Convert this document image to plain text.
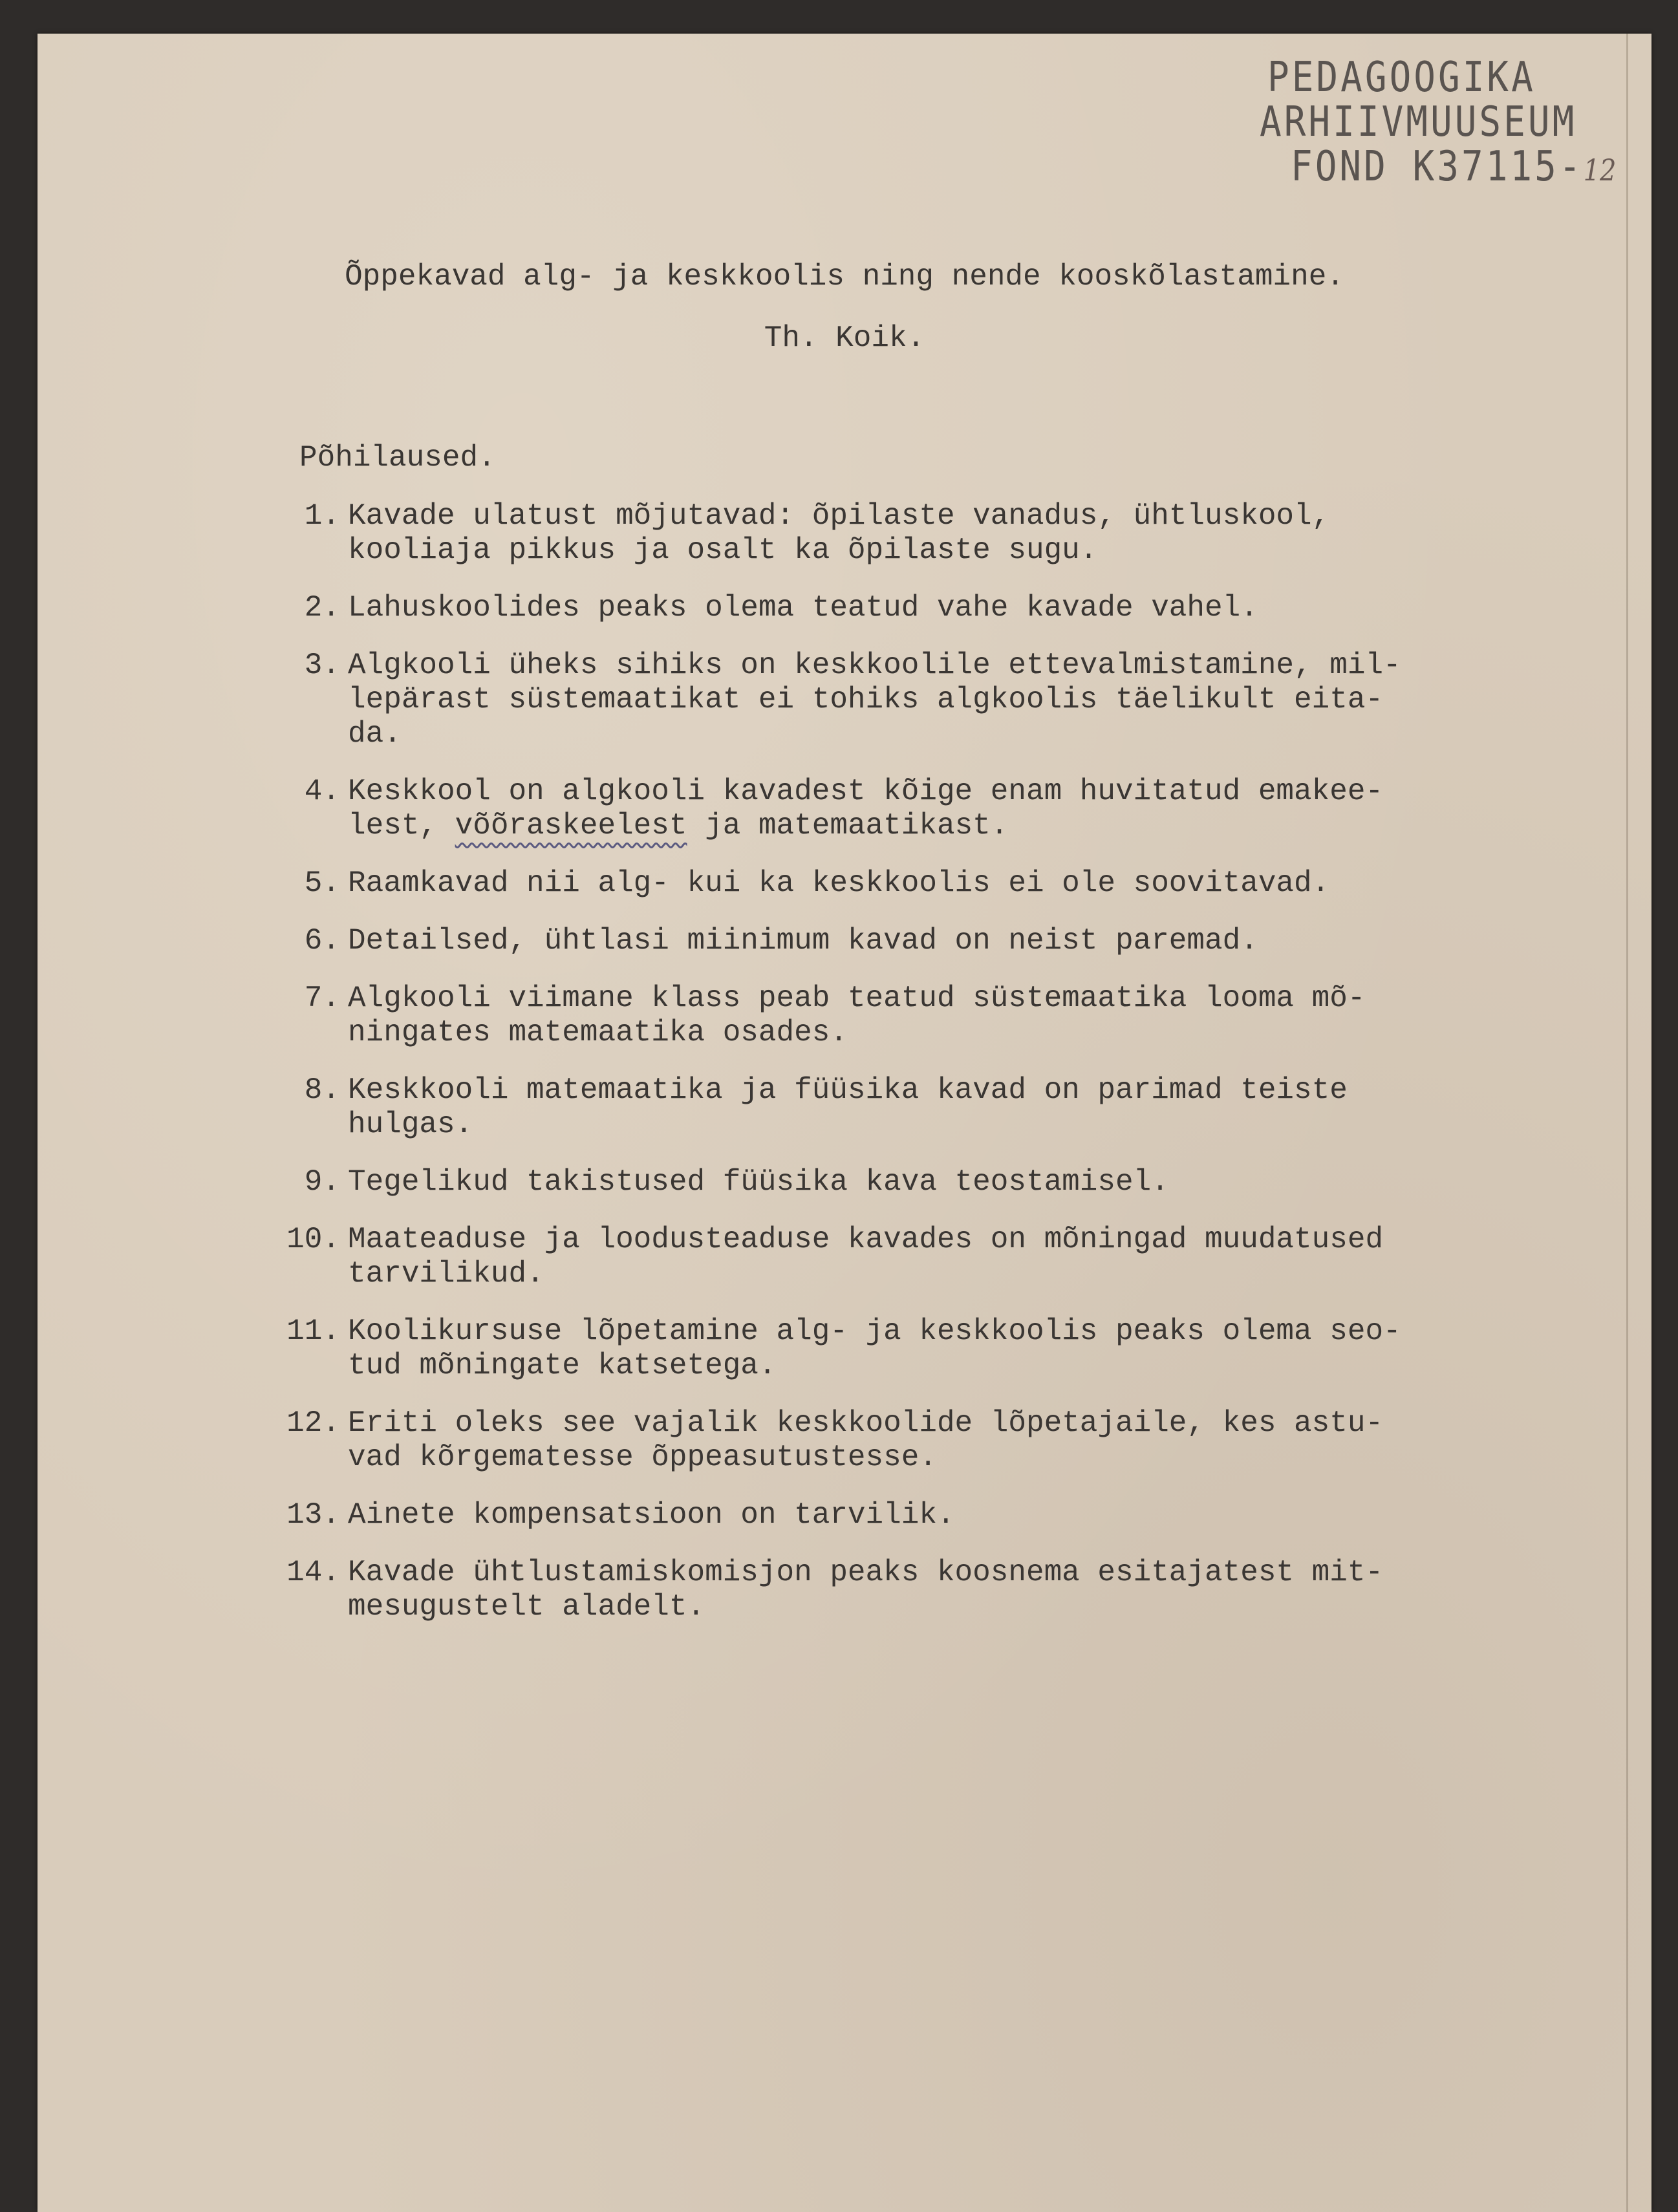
PEDAGOOGIKA
ARHIIVMUUSEUM
FOND K37115-12
Õppekavad alg- ja keskkoolis ning nende kooskõlastamine.
Th. Koik.
Põhilaused.
1. Kavade ulatust mõjutavad: õpilaste vanadus, ühtluskool,
kooliaja pikkus ja osalt ka õpilaste sugu.
2. Lahuskoolides peaks olema teatud vahe kavade vahel.
3. Algkooli üheks sihiks on keskkoolile ettevalmistamine, mil-
lepärast süstemaatikat ei tohiks algkoolis täelikult eita-
da.
4. Keskkool on algkooli kavadest kõige enam huvitatud emakee-
lest, võõraskeelest ja matemaatikast.
5. Raamkavad nii alg- kui ka keskkoolis ei ole soovitavad.
6. Detailsed, ühtlasi miinimum kavad on neist paremad.
7. Algkooli viimane klass peab teatud süstemaatika looma mõ-
ningates matemaatika osades.
8. Keskkooli matemaatika ja füüsika kavad on parimad teiste
hulgas.
9. Tegelikud takistused füüsika kava teostamisel.
10. Maateaduse ja loodusteaduse kavades on mõningad muudatused
tarvilikud.
11. Koolikursuse lõpetamine alg- ja keskkoolis peaks olema seo-
tud mõningate katsetega.
12. Eriti oleks see vajalik keskkoolide lõpetajaile, kes astu-
vad kõrgematesse õppeasutustesse.
13. Ainete kompensatsioon on tarvilik.
14. Kavade ühtlustamiskomisjon peaks koosnema esitajatest mit-
mesugustelt aladelt.
